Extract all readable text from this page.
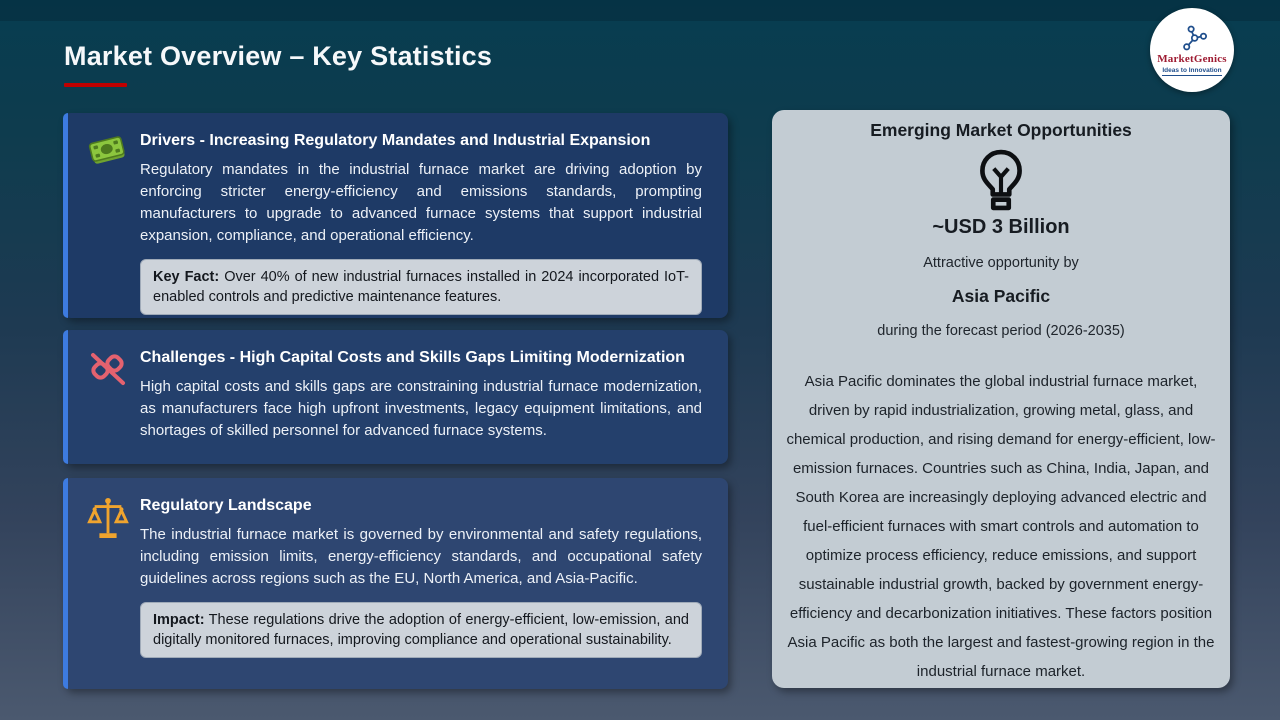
Market Overview – Key Statistics	MarketGenics
Ideas to Innovation
Drivers - Increasing Regulatory Mandates and Industrial Expansion
Regulatory mandates in the industrial furnace market are driving adoption by enforcing stricter energy-efficiency and emissions standards, prompting manufacturers to upgrade to advanced furnace systems that support industrial expansion, compliance, and operational efficiency.
Key Fact: Over 40% of new industrial furnaces installed in 2024 incorporated IoT-enabled controls and predictive maintenance features.
Challenges - High Capital Costs and Skills Gaps Limiting Modernization
High capital costs and skills gaps are constraining industrial furnace modernization, as manufacturers face high upfront investments, legacy equipment limitations, and shortages of skilled personnel for advanced furnace systems.
Regulatory Landscape
The industrial furnace market is governed by environmental and safety regulations, including emission limits, energy-efficiency standards, and occupational safety guidelines across regions such as the EU, North America, and Asia-Pacific.
Impact: These regulations drive the adoption of energy-efficient, low-emission, and digitally monitored furnaces, improving compliance and operational sustainability.
Emerging Market Opportunities
~USD 3 Billion
Attractive opportunity by
Asia Pacific
during the forecast period (2026-2035)
Asia Pacific dominates the global industrial furnace market, driven by rapid industrialization, growing metal, glass, and chemical production, and rising demand for energy-efficient, low-emission furnaces. Countries such as China, India, Japan, and South Korea are increasingly deploying advanced electric and fuel-efficient furnaces with smart controls and automation to optimize process efficiency, reduce emissions, and support sustainable industrial growth, backed by government energy-efficiency and decarbonization initiatives. These factors position Asia Pacific as both the largest and fastest-growing region in the industrial furnace market.
